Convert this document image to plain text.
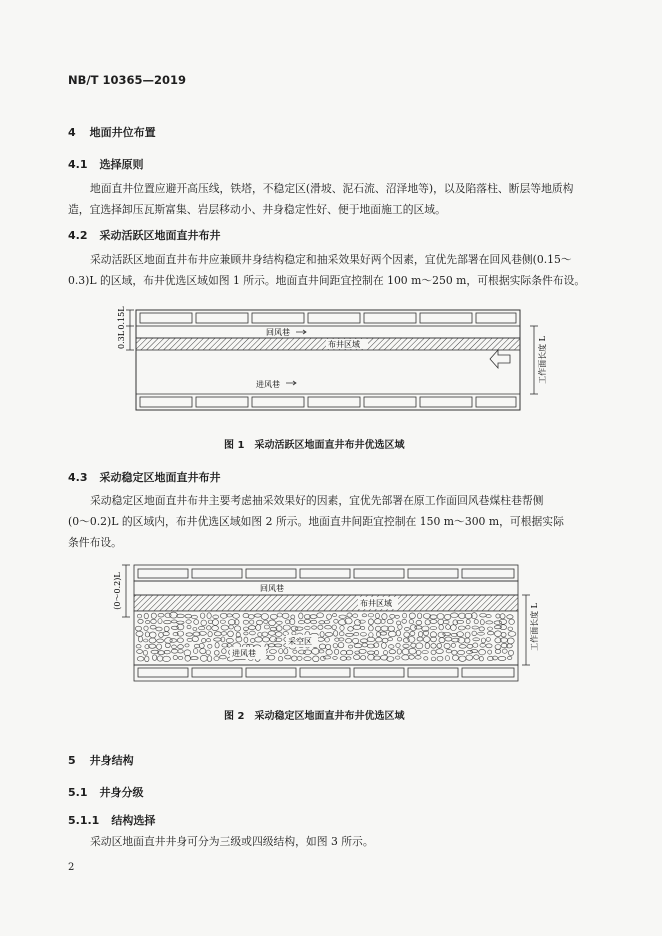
NB/T 10365—2019
4 地面井位布置
4.1 选择原则
地面直井位置应避开高压线，铁塔，不稳定区(滑坡、泥石流、沼泽地等)，以及陷落柱、断层等地质构
造，宜选择卸压瓦斯富集、岩层移动小、井身稳定性好、便于地面施工的区域。
4.2 采动活跃区地面直井布井
采动活跃区地面直井布井应兼顾井身结构稳定和抽采效果好两个因素，宜优先部署在回风巷侧(0.15～
0.3)L 的区域，布井优选区域如图 1 所示。地面直井间距宜控制在 100 m～250 m，可根据实际条件布设。
0.15L
0.3L	回风巷
布井区域	工作面长度 L
进风巷
图 1 采动活跃区地面直井布井优选区域
4.3 采动稳定区地面直井布井
采动稳定区地面直井布井主要考虑抽采效果好的因素，宜优先部署在原工作面回风巷煤柱巷帮侧
(0～0.2)L 的区域内，布井优选区域如图 2 所示。地面直井间距宜控制在 150 m～300 m，可根据实际
条件布设。
(0～0.2)L	回风巷
布井区域
采空区
进风巷
工作面长度 L
图 2 采动稳定区地面直井布井优选区域
5 井身结构
5.1 井身分级
5.1.1 结构选择
采动区地面直井井身可分为三级或四级结构，如图 3 所示。
2
